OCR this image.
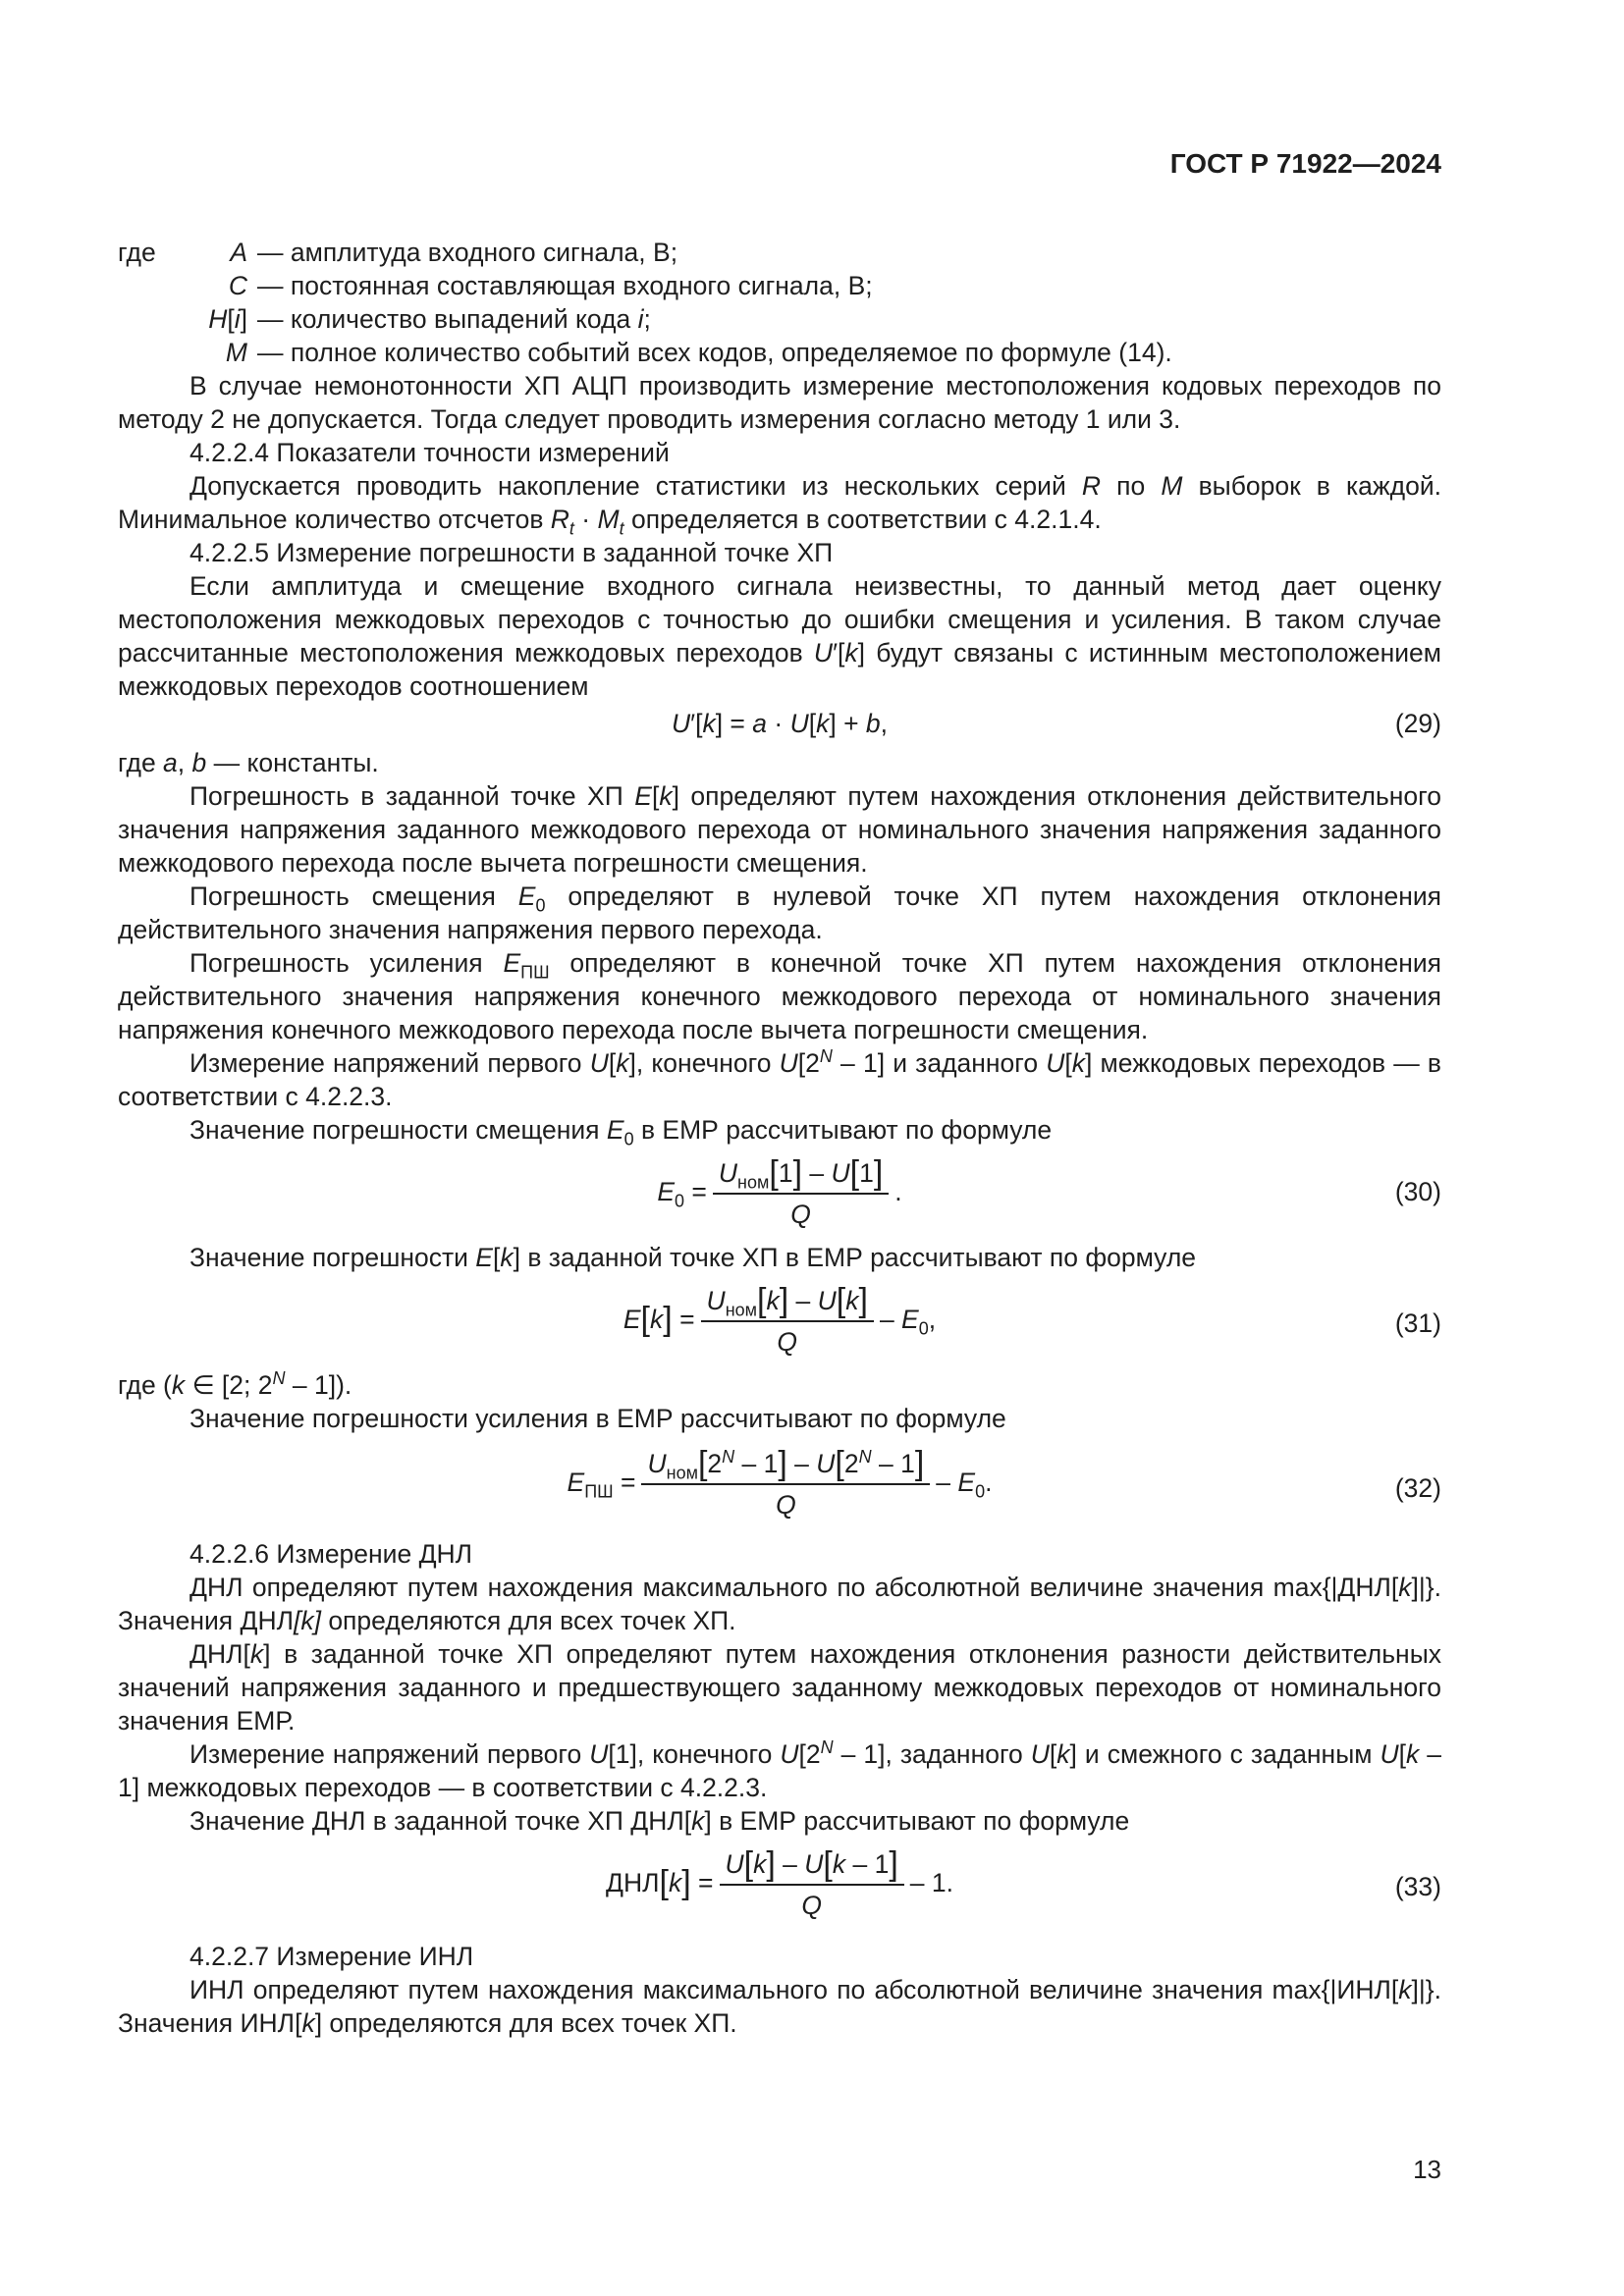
ГОСТ Р 71922—2024
где	A — амплитуда входного сигнала, В;
C — постоянная составляющая входного сигнала, В;
H[i] — количество выпадений кода i;
M — полное количество событий всех кодов, определяемое по формуле (14).

В случае немонотонности ХП АЦП производить измерение местоположения кодовых переходов по методу 2 не допускается. Тогда следует проводить измерения согласно методу 1 или 3.

4.2.2.4 Показатели точности измерений

Допускается проводить накопление статистики из нескольких серий R по M выборок в каждой. Минимальное количество отсчетов $R_t \cdot M_t$ определяется в соответствии с 4.2.1.4.

4.2.2.5 Измерение погрешности в заданной точке ХП

Если амплитуда и смещение входного сигнала неизвестны, то данный метод дает оценку местоположения межкодовых переходов с точностью до ошибки смещения и усиления. В таком случае рассчитанные местоположения межкодовых переходов U′[k] будут связаны с истинным местоположением межкодовых переходов соотношением

U′[k] = a · U[k] + b,	(29)

где a, b — константы.

Погрешность в заданной точке ХП E[k] определяют путем нахождения отклонения действительного значения напряжения заданного межкодового перехода от номинального значения напряжения заданного межкодового перехода после вычета погрешности смещения.

Погрешность смещения $E_0$ определяют в нулевой точке ХП путем нахождения отклонения действительного значения напряжения первого перехода.

Погрешность усиления $E_{ПШ}$ определяют в конечной точке ХП путем нахождения отклонения действительного значения напряжения конечного межкодового перехода от номинального значения напряжения конечного межкодового перехода после вычета погрешности смещения.

Измерение напряжений первого U[k], конечного $U[2^N - 1]$ и заданного U[k] межкодовых переходов — в соответствии с 4.2.2.3.

Значение погрешности смещения $E_0$ в ЕМР рассчитывают по формуле

$E_0 = \frac{U_{ном}[1] - U[1]}{Q}$ .	(30)

Значение погрешности E[k] в заданной точке ХП в ЕМР рассчитывают по формуле

$E[k] = \frac{U_{ном}[k] - U[k]}{Q} - E_0$,	(31)

где (k ∈ [2; $2^N - 1$]).

Значение погрешности усиления в ЕМР рассчитывают по формуле

$E_{ПШ} = \frac{U_{ном}[2^N - 1] - U[2^N - 1]}{Q} - E_0$.	(32)

4.2.2.6 Измерение ДНЛ

ДНЛ определяют путем нахождения максимального по абсолютной величине значения max{|ДНЛ[k]|}. Значения ДНЛ[k] определяются для всех точек ХП.

ДНЛ[k] в заданной точке ХП определяют путем нахождения отклонения разности действительных значений напряжения заданного и предшествующего заданному межкодовых переходов от номинального значения ЕМР.

Измерение напряжений первого U[1], конечного $U[2^N - 1]$, заданного U[k] и смежного с заданным U[k – 1] межкодовых переходов — в соответствии с 4.2.2.3.

Значение ДНЛ в заданной точке ХП ДНЛ[k] в ЕМР рассчитывают по формуле

$ДНЛ[k] = \frac{U[k] - U[k - 1]}{Q} - 1$.	(33)

4.2.2.7 Измерение ИНЛ

ИНЛ определяют путем нахождения максимального по абсолютной величине значения max{|ИНЛ[k]|}. Значения ИНЛ[k] определяются для всех точек ХП.

13
